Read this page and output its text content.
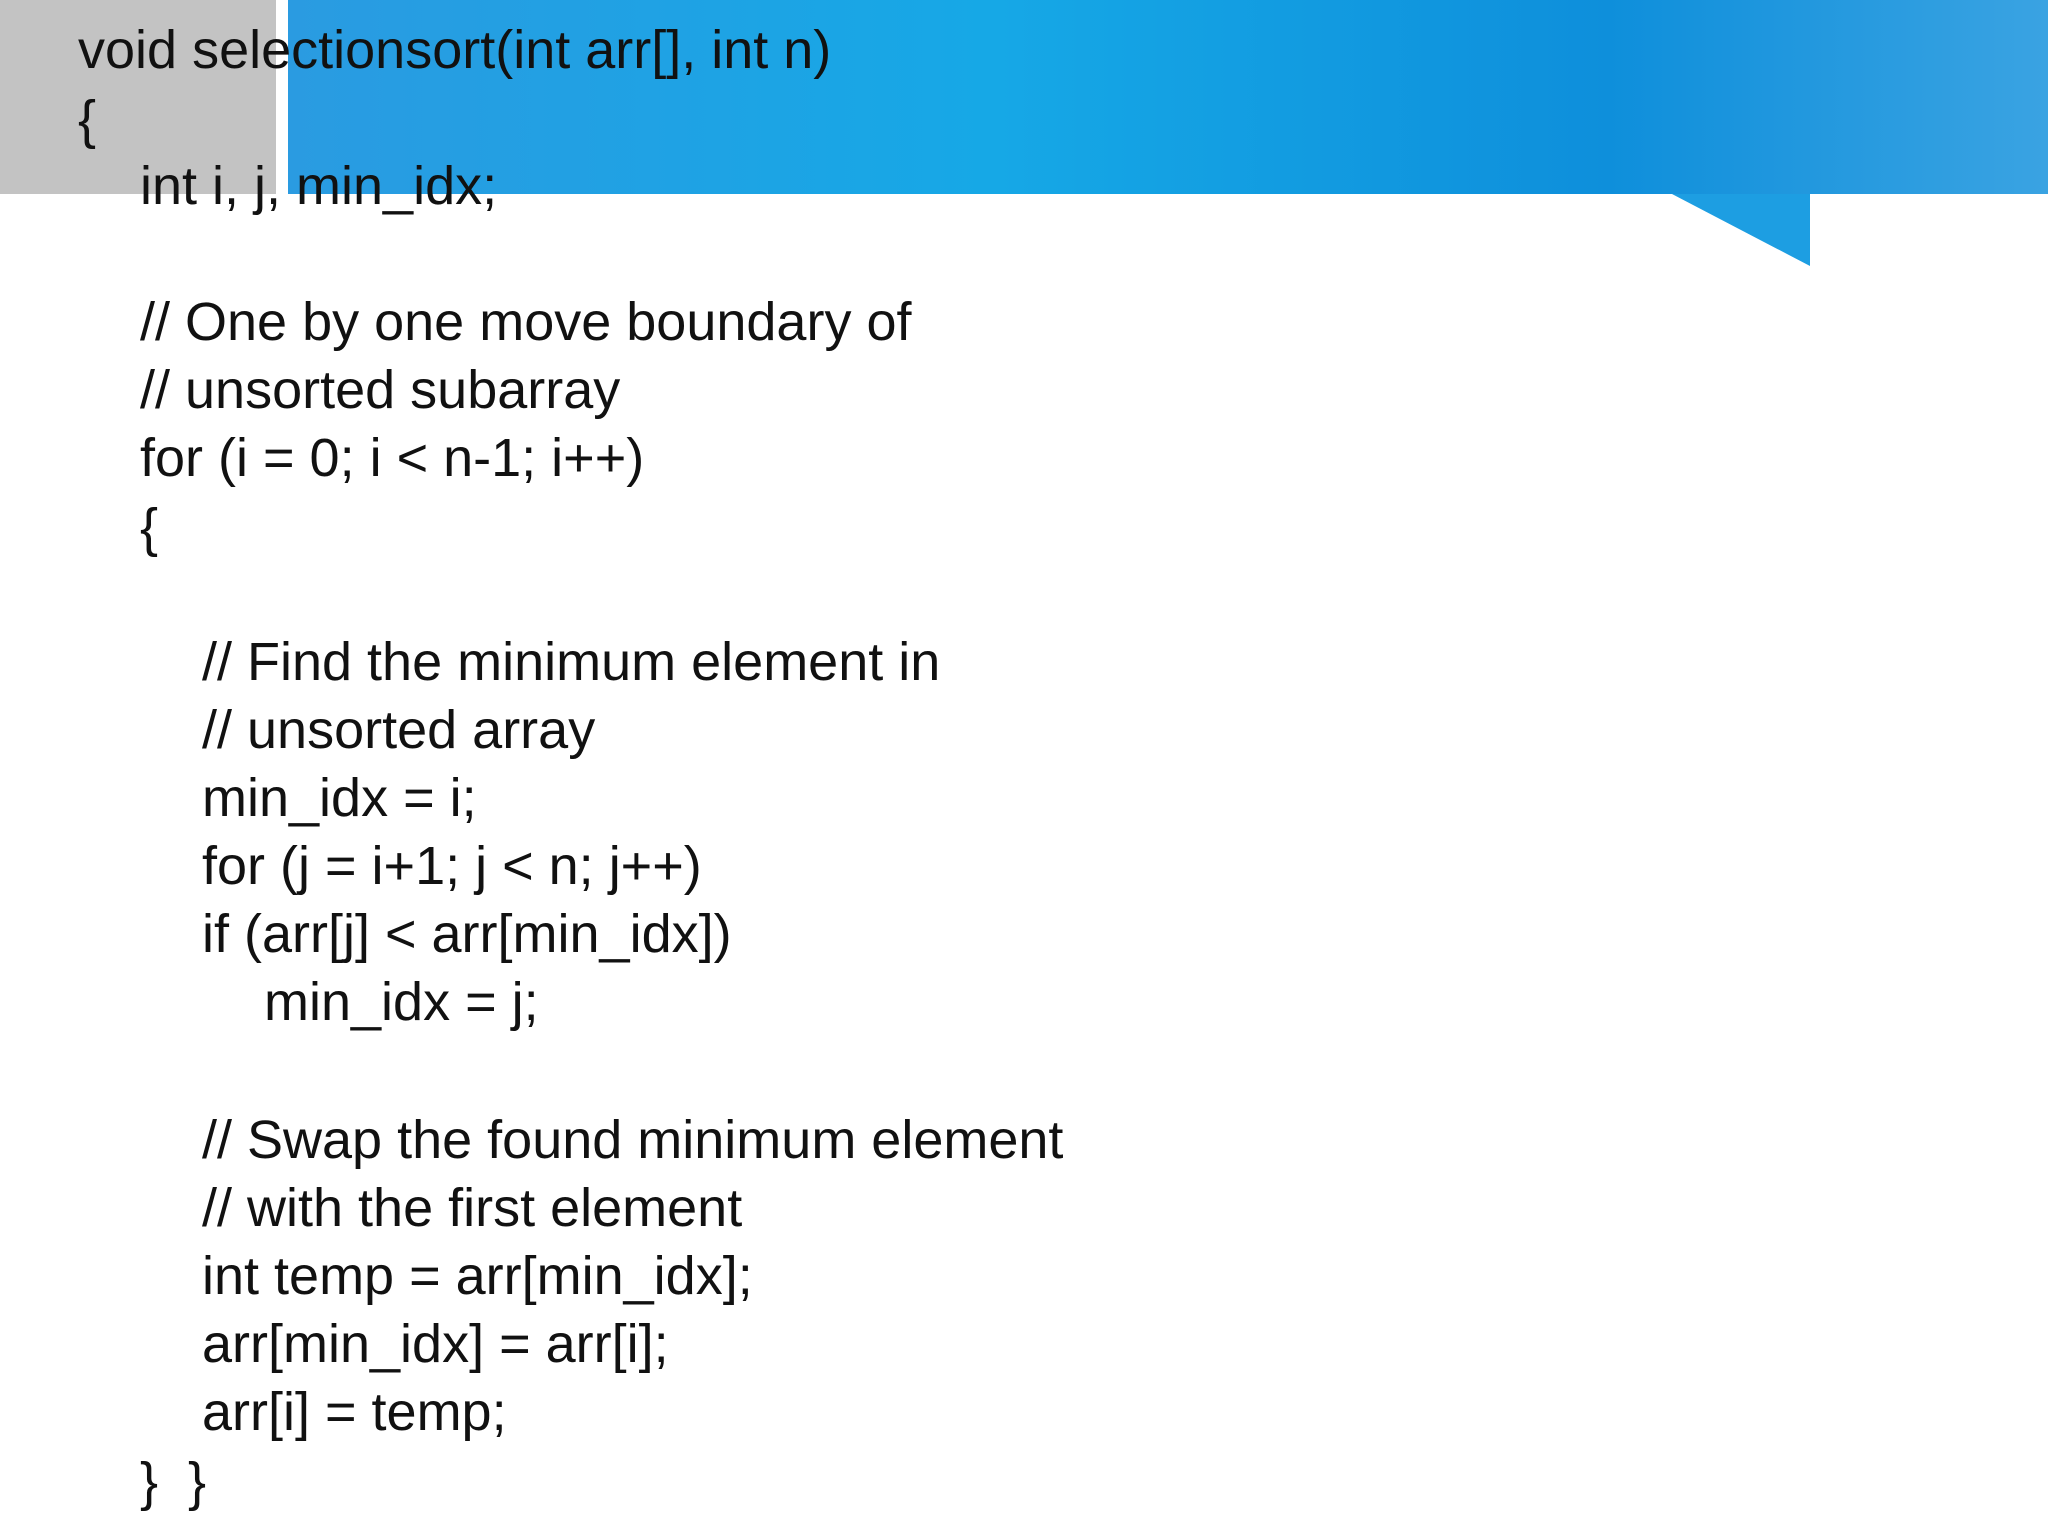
void selectionsort(int arr[], int n)
{
int i, j, min_idx;
// One by one move boundary of
// unsorted subarray
for (i = 0; i < n-1; i++)
{
// Find the minimum element in
// unsorted array
min_idx = i;
for (j = i+1; j < n; j++)
if (arr[j] < arr[min_idx])
min_idx = j;
// Swap the found minimum element
// with the first element
int temp = arr[min_idx];
arr[min_idx] = arr[i];
arr[i] = temp;
}  }
